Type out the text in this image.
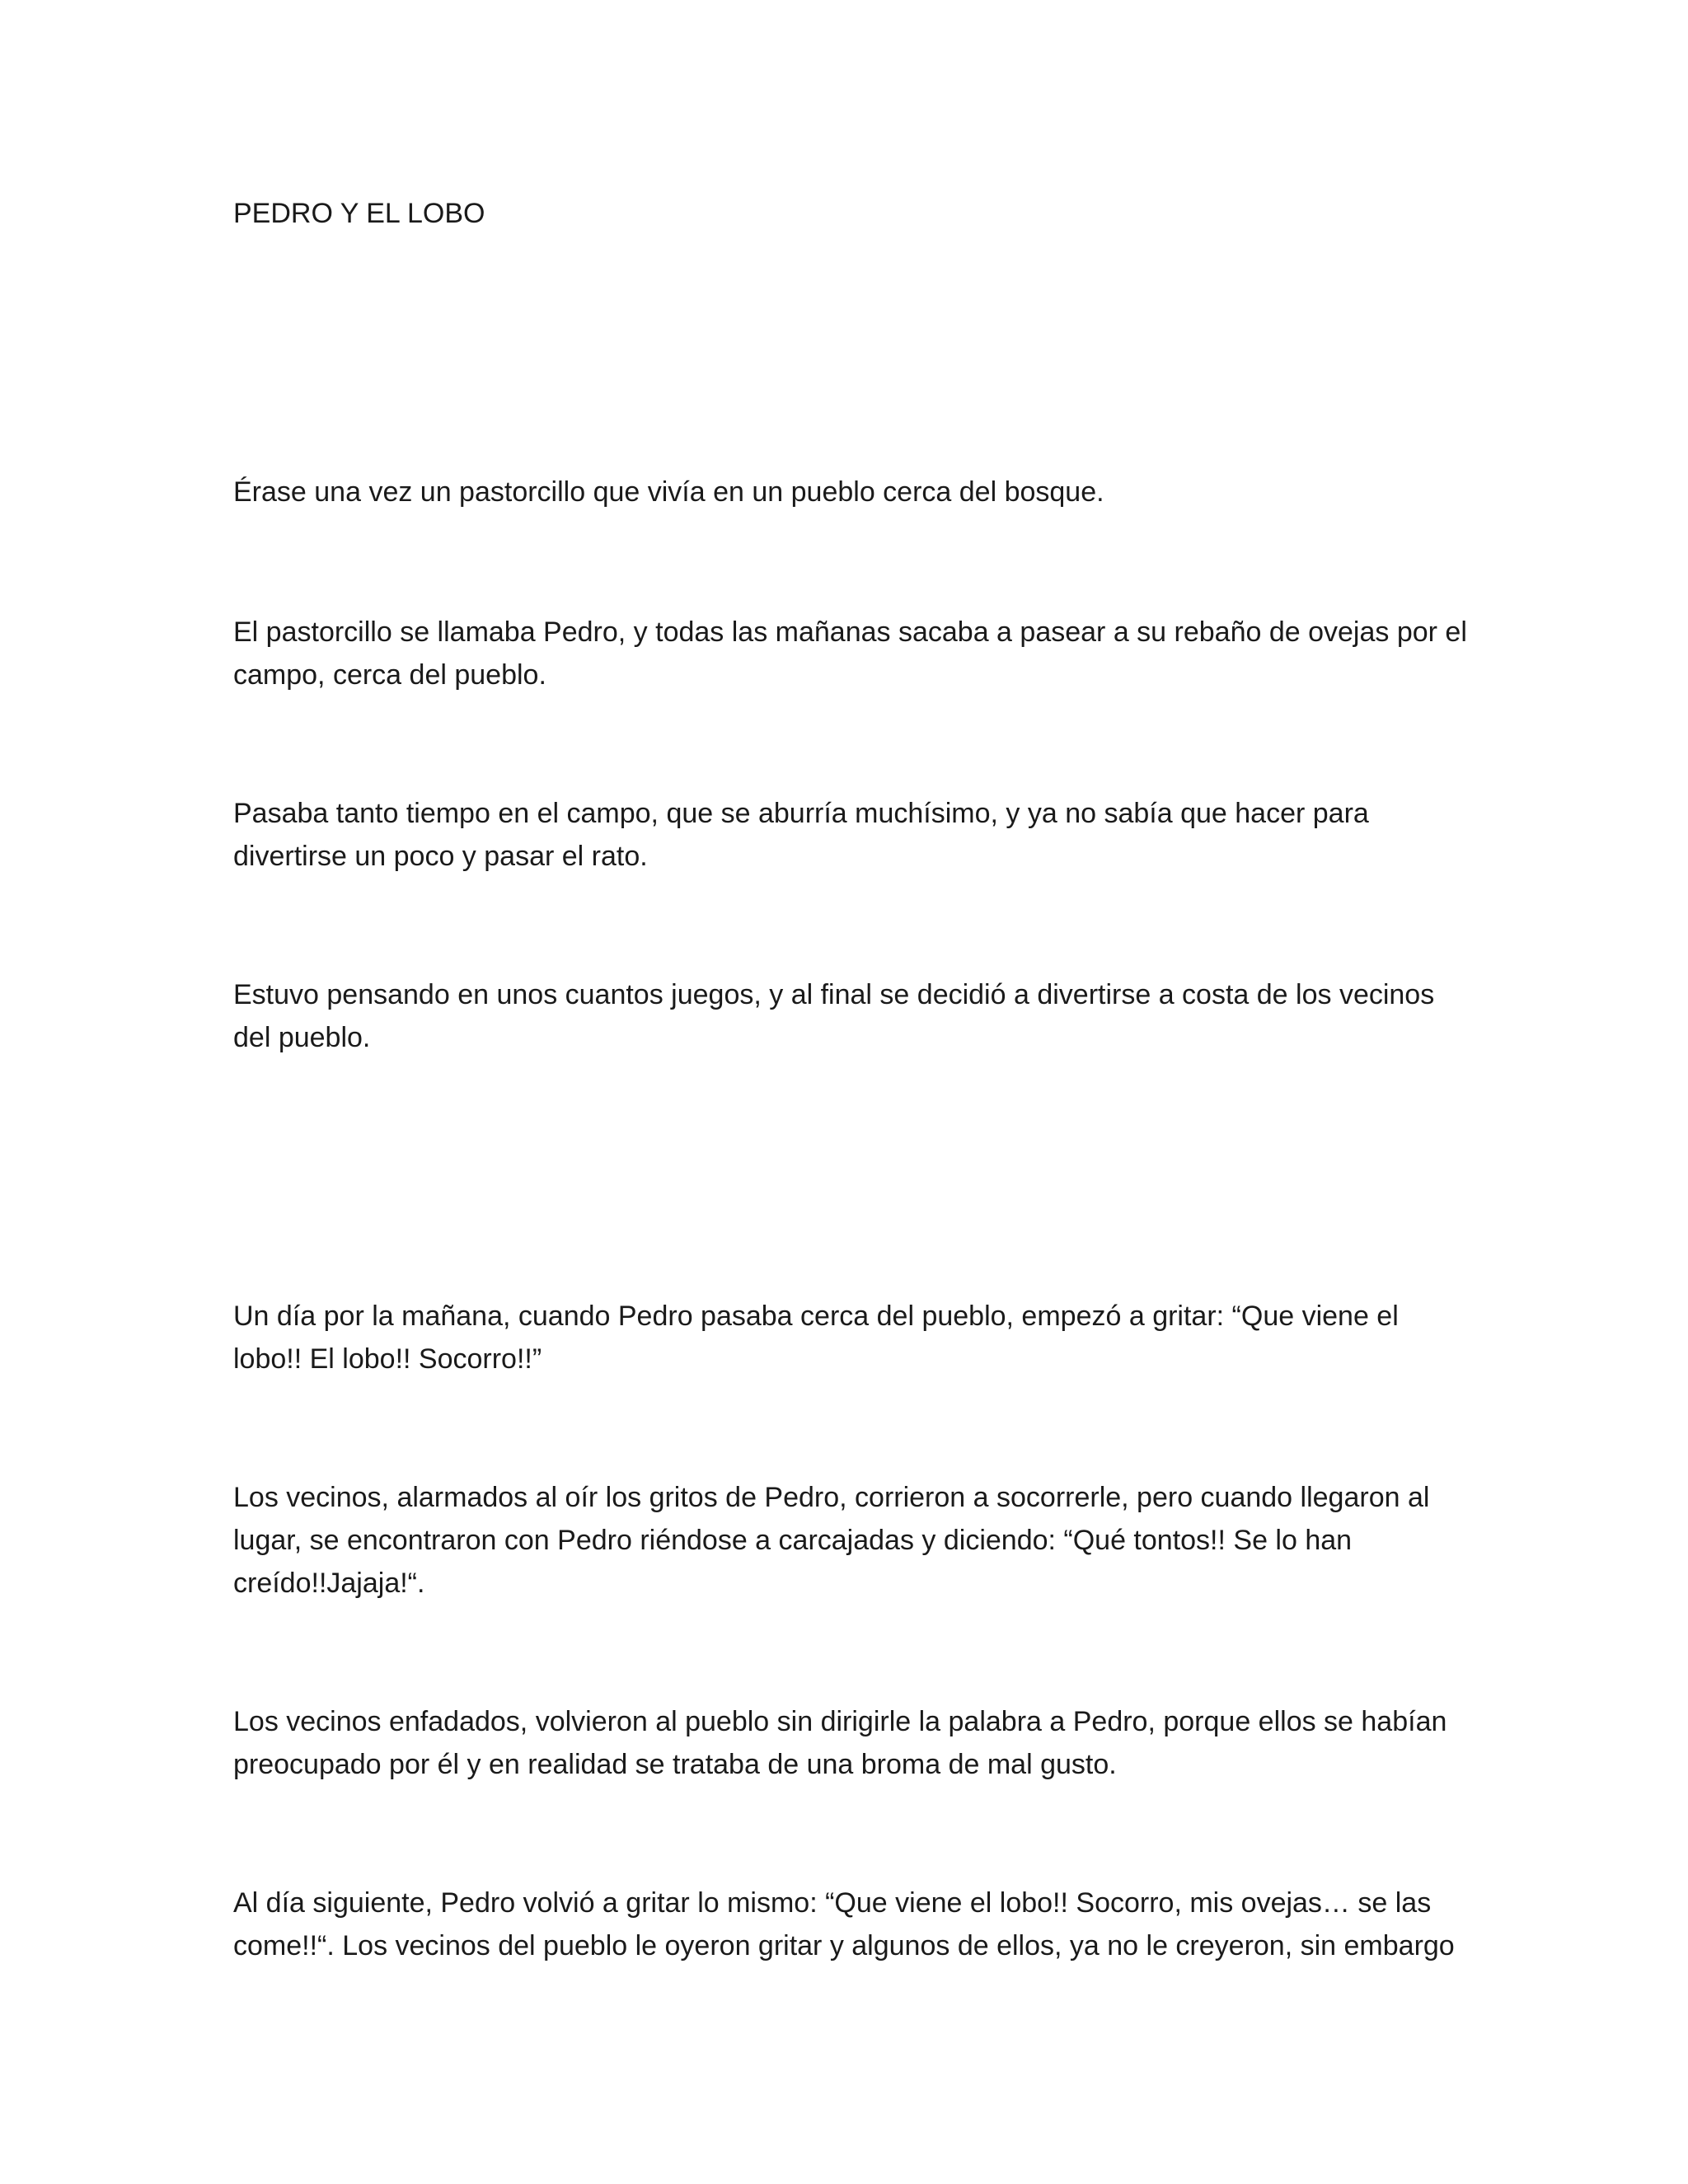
PEDRO Y EL LOBO

Érase una vez un pastorcillo que vivía en un pueblo cerca del bosque.

El pastorcillo se llamaba Pedro, y todas las mañanas sacaba a pasear a su rebaño de ovejas por el campo, cerca del pueblo.

Pasaba tanto tiempo en el campo, que se aburría muchísimo, y ya no sabía que hacer para divertirse un poco y pasar el rato.

Estuvo pensando en unos cuantos juegos, y al final se decidió a divertirse a costa de los vecinos del pueblo.

Un día por la mañana, cuando Pedro pasaba cerca del pueblo, empezó a gritar: “Que viene el lobo!! El lobo!! Socorro!!”

Los vecinos, alarmados al oír los gritos de Pedro, corrieron a socorrerle, pero cuando llegaron al lugar, se encontraron con Pedro riéndose a carcajadas y diciendo: “Qué tontos!! Se lo han creído!!Jajaja!“.

Los vecinos enfadados, volvieron al pueblo sin dirigirle la palabra a Pedro, porque ellos se habían preocupado por él y en realidad se trataba de una broma de mal gusto.

Al día siguiente, Pedro volvió a gritar lo mismo: “Que viene el lobo!! Socorro, mis ovejas… se las come!!“. Los vecinos del pueblo le oyeron gritar y algunos de ellos, ya no le creyeron, sin embargo
